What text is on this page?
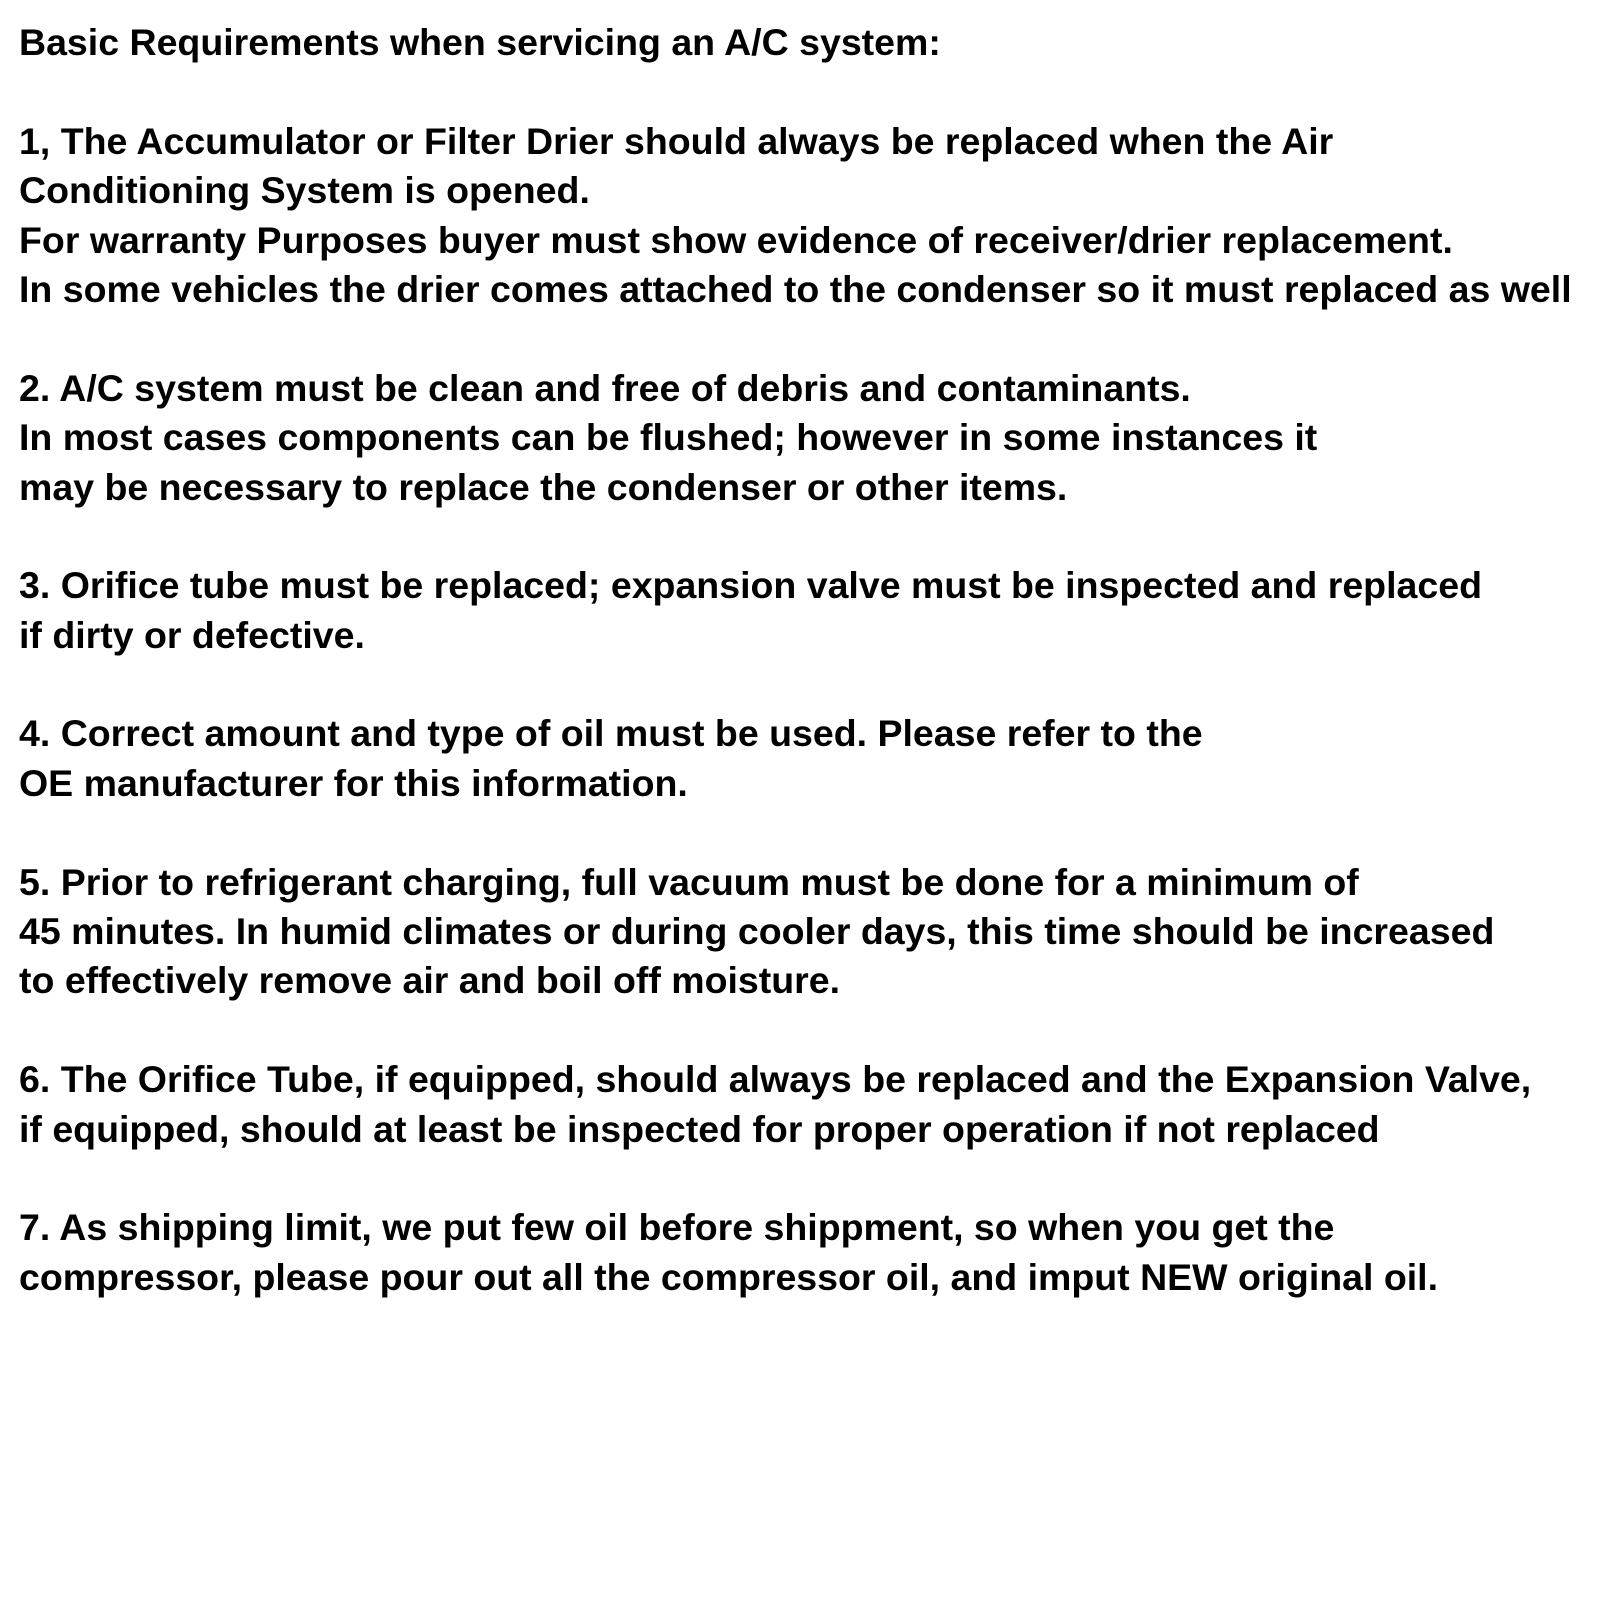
Basic Requirements when servicing an A/C system:
1, The Accumulator or Filter Drier should always be replaced when the Air
Conditioning System is opened.
For warranty Purposes buyer must show evidence of receiver/drier replacement.
In some vehicles the drier comes attached to the condenser so it must replaced as well
2. A/C system must be clean and free of debris and contaminants.
In most cases components can be flushed; however in some instances it
may be necessary to replace the condenser or other items.
3. Orifice tube must be replaced; expansion valve must be inspected and replaced
if dirty or defective.
4. Correct amount and type of oil must be used. Please refer to the
OE manufacturer for this information.
5. Prior to refrigerant charging, full vacuum must be done for a minimum of
45 minutes. In humid climates or during cooler days, this time should be increased
to effectively remove air and boil off moisture.
6. The Orifice Tube, if equipped, should always be replaced and the Expansion Valve,
if equipped, should at least be inspected for proper operation if not replaced
7. As shipping limit, we put few oil before shippment, so when you get the
compressor, please pour out all the compressor oil, and imput NEW original oil.
